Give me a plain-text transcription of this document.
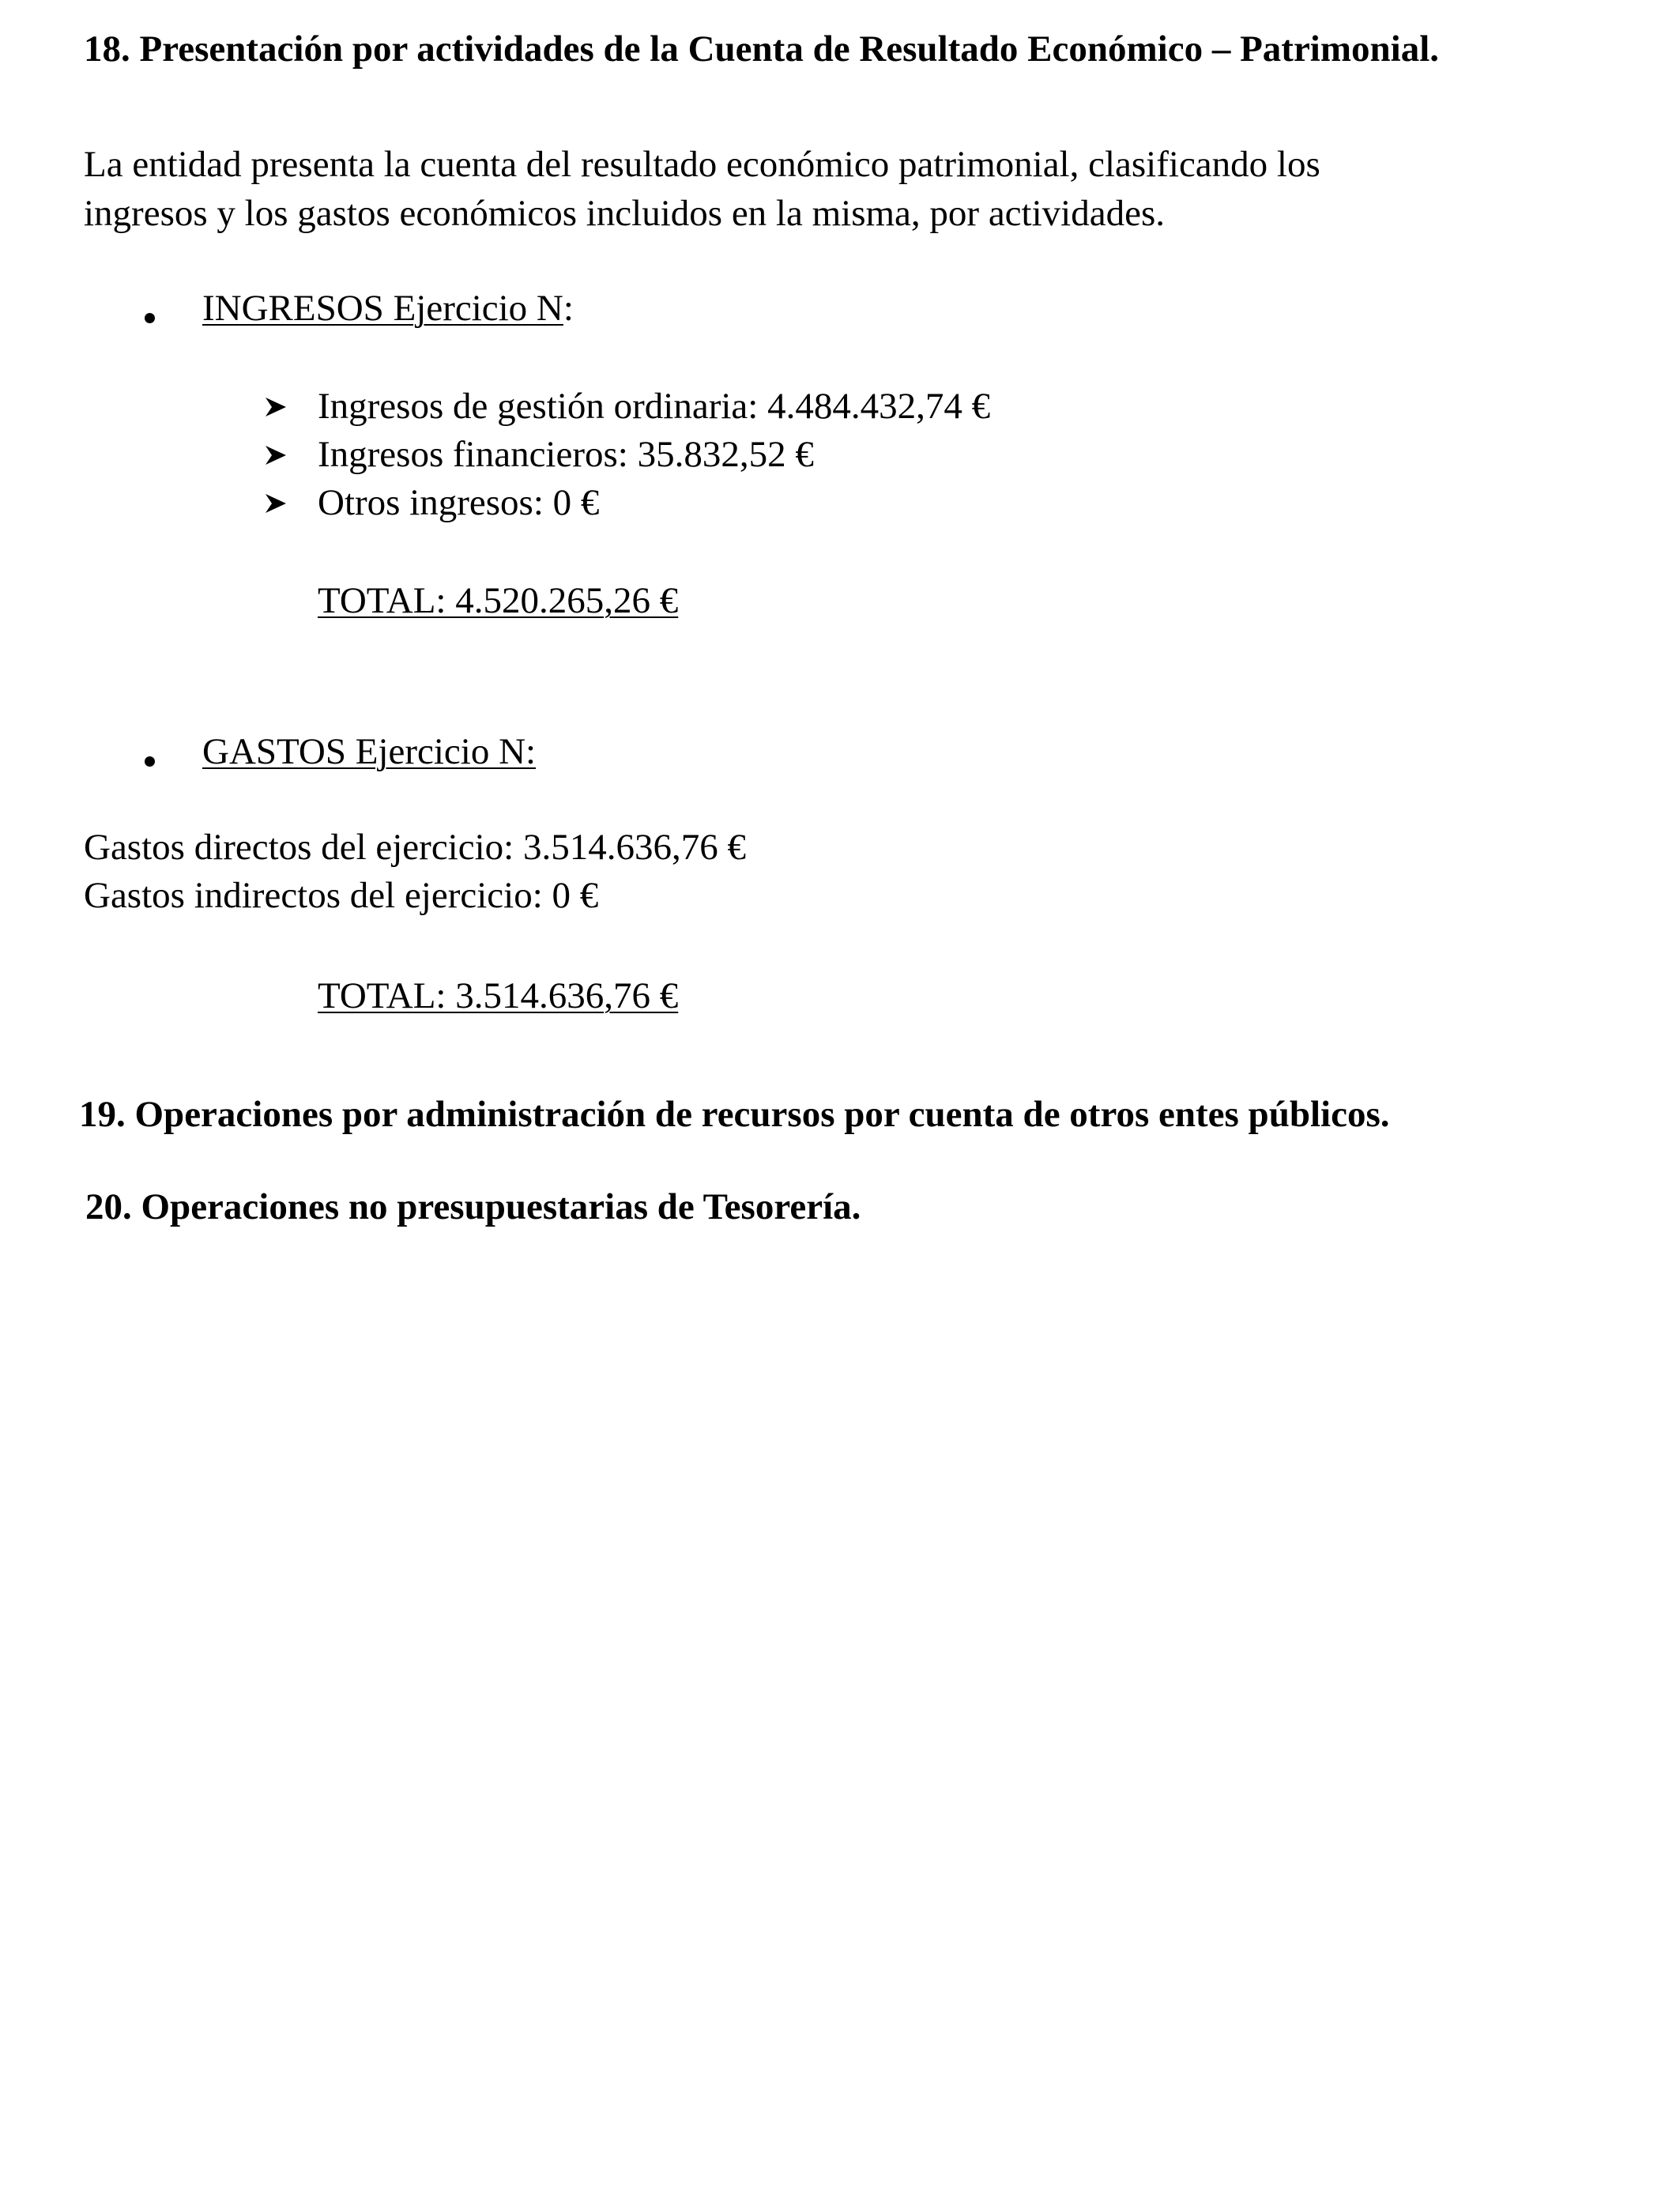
18. Presentación por actividades de la Cuenta de Resultado Económico – Patrimonial.
La entidad presenta la cuenta del resultado económico patrimonial, clasificando los
ingresos y los gastos económicos incluidos en la misma, por actividades.
INGRESOS Ejercicio N:
Ingresos de gestión ordinaria: 4.484.432,74 €
Ingresos financieros: 35.832,52 €
Otros ingresos: 0 €
TOTAL: 4.520.265,26 €
GASTOS Ejercicio N:
Gastos directos del ejercicio: 3.514.636,76 €
Gastos indirectos del ejercicio: 0 €
TOTAL: 3.514.636,76 €
19. Operaciones por administración de recursos por cuenta de otros entes públicos.
20. Operaciones no presupuestarias de Tesorería.
